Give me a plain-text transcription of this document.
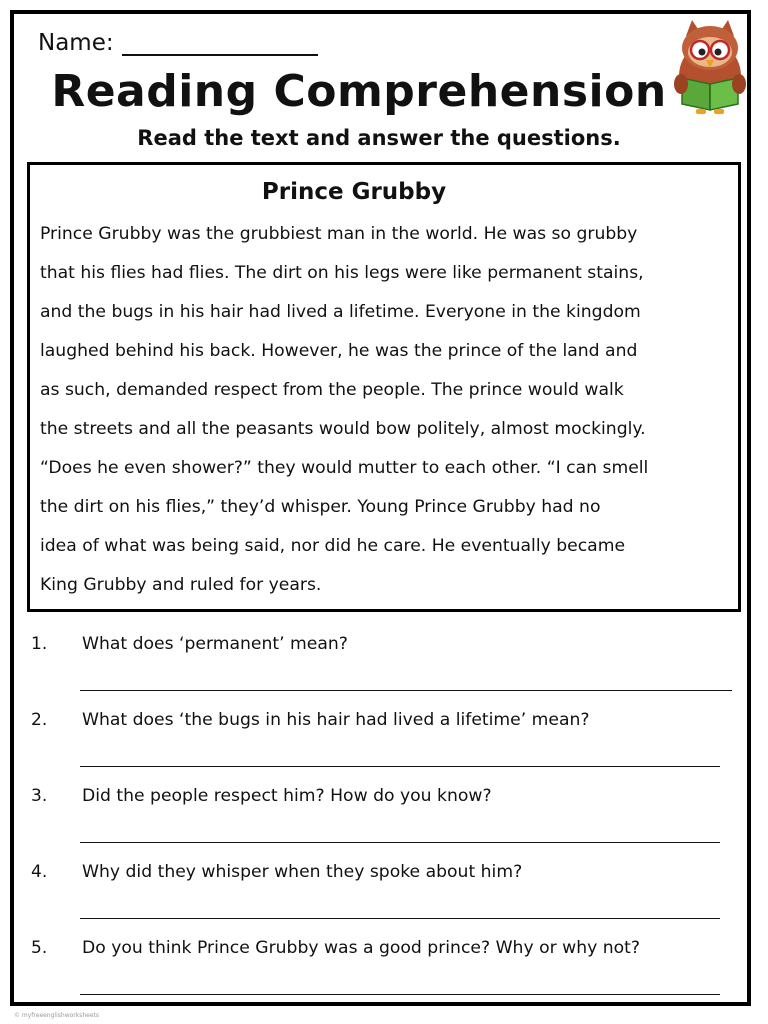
Name:
Reading Comprehension
Read the text and answer the questions.
Prince Grubby
Prince Grubby was the grubbiest man in the world. He was so grubby
that his flies had flies. The dirt on his legs were like permanent stains,
and the bugs in his hair had lived a lifetime. Everyone in the kingdom
laughed behind his back. However, he was the prince of the land and
as such, demanded respect from the people. The prince would walk
the streets and all the peasants would bow politely, almost mockingly.
“Does he even shower?” they would mutter to each other. “I can smell
the dirt on his flies,” they’d whisper. Young Prince Grubby had no
idea of what was being said, nor did he care. He eventually became
King Grubby and ruled for years.
1. What does ‘permanent’ mean?
2. What does ‘the bugs in his hair had lived a lifetime’ mean?
3. Did the people respect him? How do you know?
4. Why did they whisper when they spoke about him?
5. Do you think Prince Grubby was a good prince? Why or why not?
© myfreeenglishworksheets
